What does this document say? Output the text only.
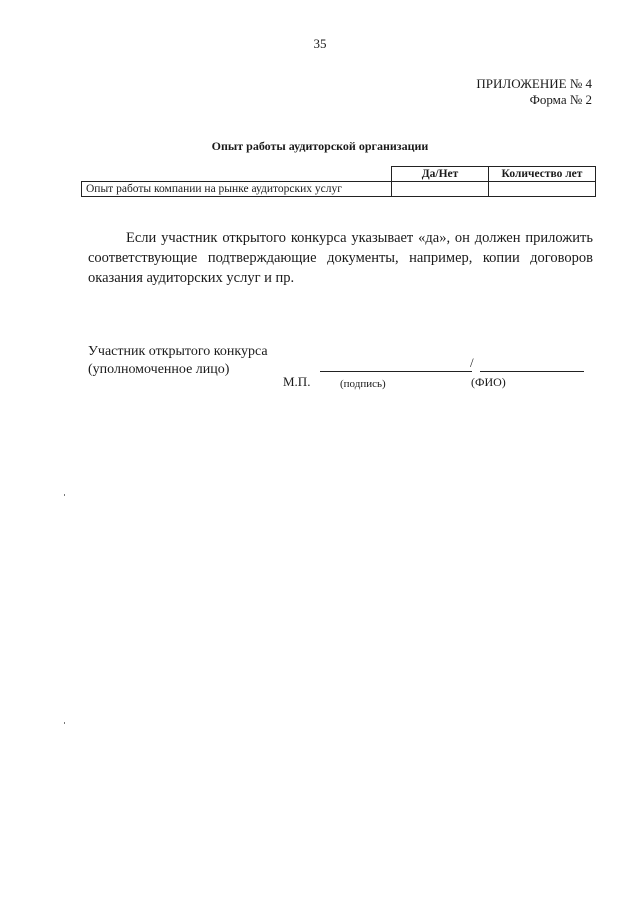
35
ПРИЛОЖЕНИЕ № 4
Форма № 2
Опыт работы аудиторской организации
	Да/Нет	Количество лет
Опыт работы компании на рынке аудиторских услуг		
Если участник открытого конкурса указывает «да», он должен приложить соответствующие подтверждающие документы, например, копии договоров оказания аудиторских услуг и пр.
Участник открытого конкурса
(уполномоченное лицо)	/
М.П.	(подпись)	(ФИО)
